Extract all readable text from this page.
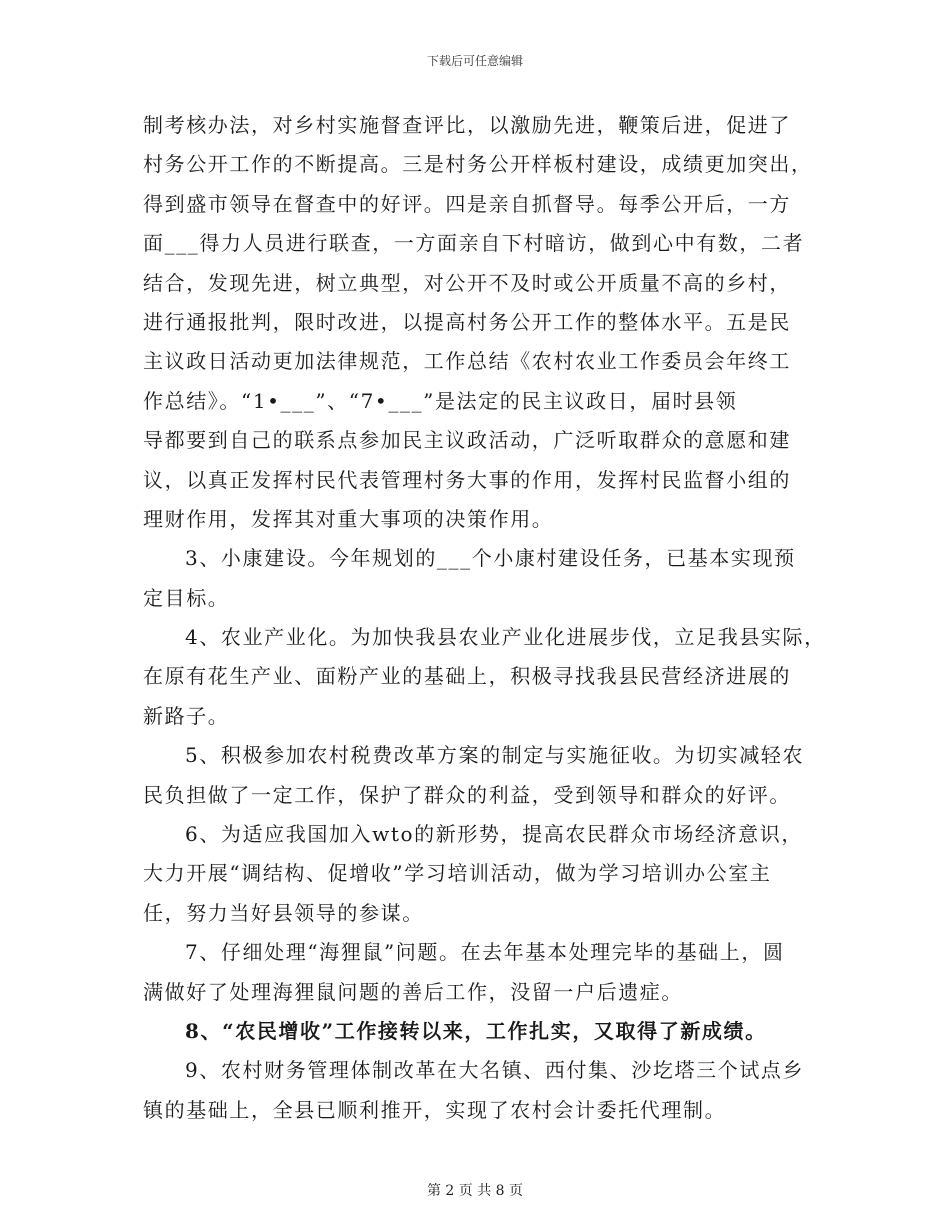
下载后可任意编辑
制考核办法，对乡村实施督查评比，以激励先进，鞭策后进，促进了
村务公开工作的不断提高。三是村务公开样板村建设，成绩更加突出，
得到盛市领导在督查中的好评。四是亲自抓督导。每季公开后，一方
面___得力人员进行联查，一方面亲自下村暗访，做到心中有数，二者
结合，发现先进，树立典型，对公开不及时或公开质量不高的乡村，
进行通报批判，限时改进，以提高村务公开工作的整体水平。五是民
主议政日活动更加法律规范，工作总结《农村农业工作委员会年终工
作总结》。“1•___”、“7•___”是法定的民主议政日，届时县领
导都要到自己的联系点参加民主议政活动，广泛听取群众的意愿和建
议，以真正发挥村民代表管理村务大事的作用，发挥村民监督小组的
理财作用，发挥其对重大事项的决策作用。
3、小康建设。今年规划的___个小康村建设任务，已基本实现预
定目标。
4、农业产业化。为加快我县农业产业化进展步伐，立足我县实际，
在原有花生产业、面粉产业的基础上，积极寻找我县民营经济进展的
新路子。
5、积极参加农村税费改革方案的制定与实施征收。为切实减轻农
民负担做了一定工作，保护了群众的利益，受到领导和群众的好评。
6、为适应我国加入wto的新形势，提高农民群众市场经济意识，
大力开展“调结构、促增收”学习培训活动，做为学习培训办公室主
任，努力当好县领导的参谋。
7、仔细处理“海狸鼠”问题。在去年基本处理完毕的基础上，圆
满做好了处理海狸鼠问题的善后工作，没留一户后遗症。
8、“农民增收”工作接转以来，工作扎实，又取得了新成绩。
9、农村财务管理体制改革在大名镇、西付集、沙圪塔三个试点乡
镇的基础上，全县已顺利推开，实现了农村会计委托代理制。
第 2 页 共 8 页
